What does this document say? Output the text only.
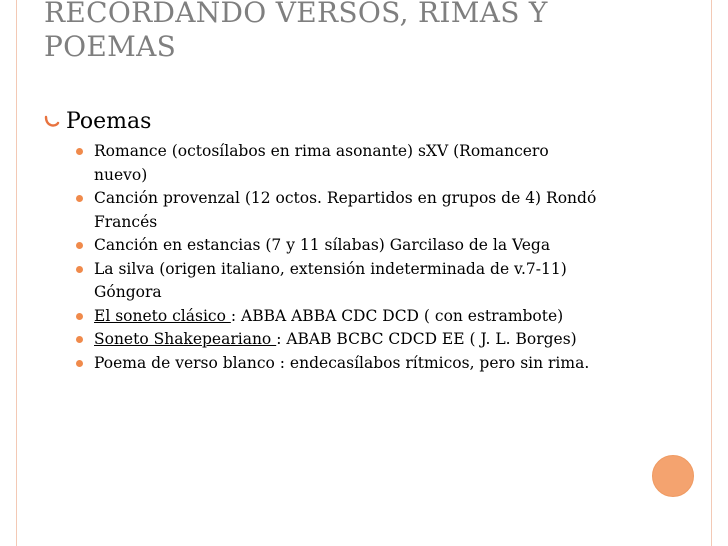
RECORDANDO VERSOS, RIMAS Y
POEMAS
Poemas
Romance (octosílabos en rima asonante) sXV (Romancero
nuevo)
Canción provenzal (12 octos. Repartidos en grupos de 4) Rondó
Francés
Canción en estancias (7 y 11 sílabas) Garcilaso de la Vega
La silva (origen italiano, extensión indeterminada de v.7-11)
Góngora
El soneto clásico : ABBA ABBA CDC DCD ( con estrambote)
Soneto Shakepeariano : ABAB BCBC CDCD EE ( J. L. Borges)
Poema de verso blanco : endecasílabos rítmicos, pero sin rima.
